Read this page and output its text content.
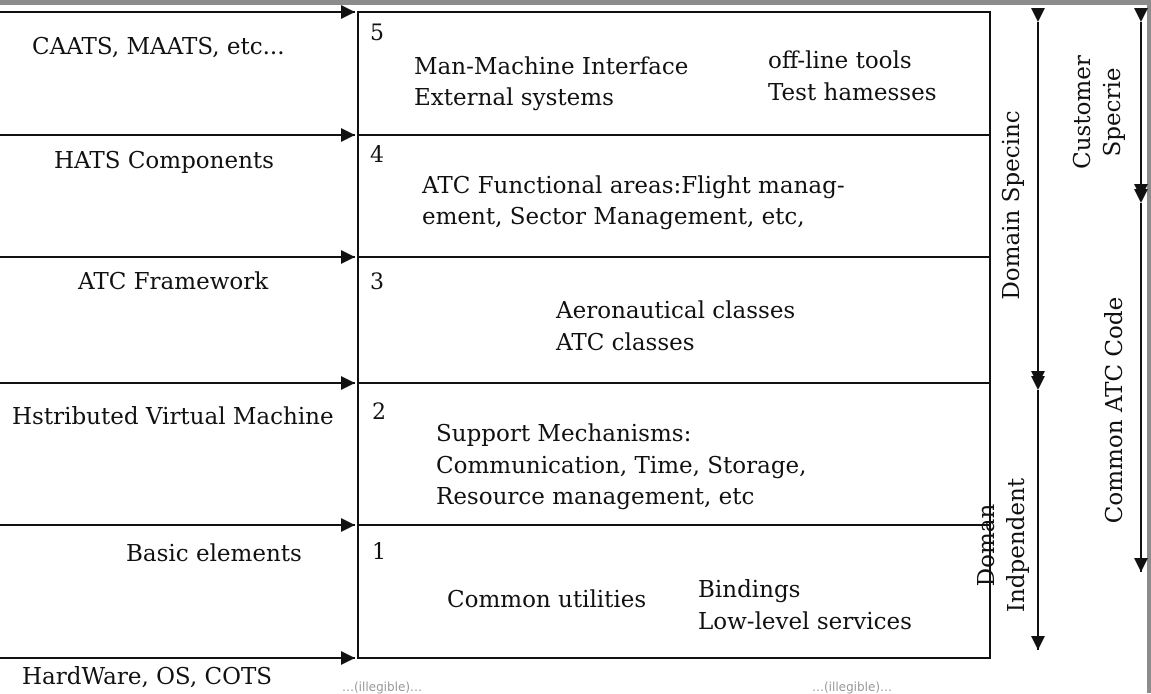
CAATS, MAATS, etc...
HATS Components
ATC Framework
Hstributed Virtual Machine
Basic elements
HardWare, OS, COTS
5
4
3
2
1
Man-Machine Interface
External systems
off-line tools
Test hamesses
ATC Functional areas:Flight manag-
ement, Sector Management, etc,
Aeronautical classes
ATC classes
Support Mechanisms:
Communication, Time, Storage,
Resource management, etc
Common utilities Bindings
Low-level services
Domain Specinc
Doman Indpendent
Customer Specrie
Common ATC Code
…(illegible)…	…(illegible)…
